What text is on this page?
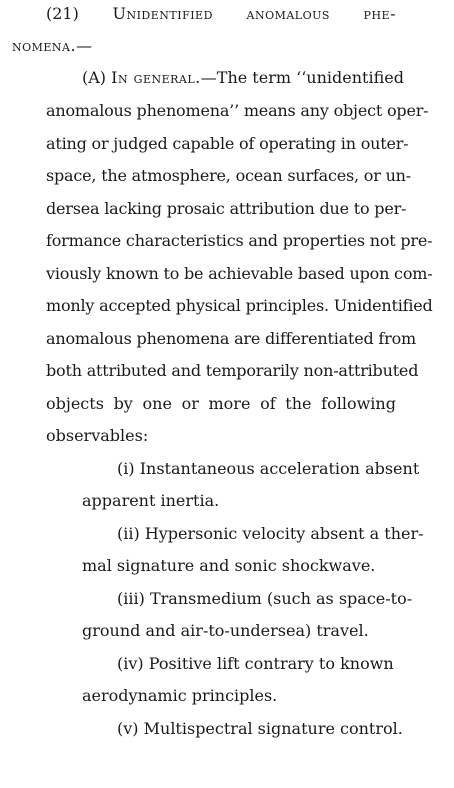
(21) Unidentified anomalous phe-
nomena.—
(A) In general.—The term ‘‘unidentified
anomalous phenomena’’ means any object oper-
ating or judged capable of operating in outer-
space, the atmosphere, ocean surfaces, or un-
dersea lacking prosaic attribution due to per-
formance characteristics and properties not pre-
viously known to be achievable based upon com-
monly accepted physical principles. Unidentified
anomalous phenomena are differentiated from
both attributed and temporarily non-attributed
objects by one or more of the following
observables:
(i) Instantaneous acceleration absent
apparent inertia.
(ii) Hypersonic velocity absent a ther-
mal signature and sonic shockwave.
(iii) Transmedium (such as space-to-
ground and air-to-undersea) travel.
(iv) Positive lift contrary to known
aerodynamic principles.
(v) Multispectral signature control.
